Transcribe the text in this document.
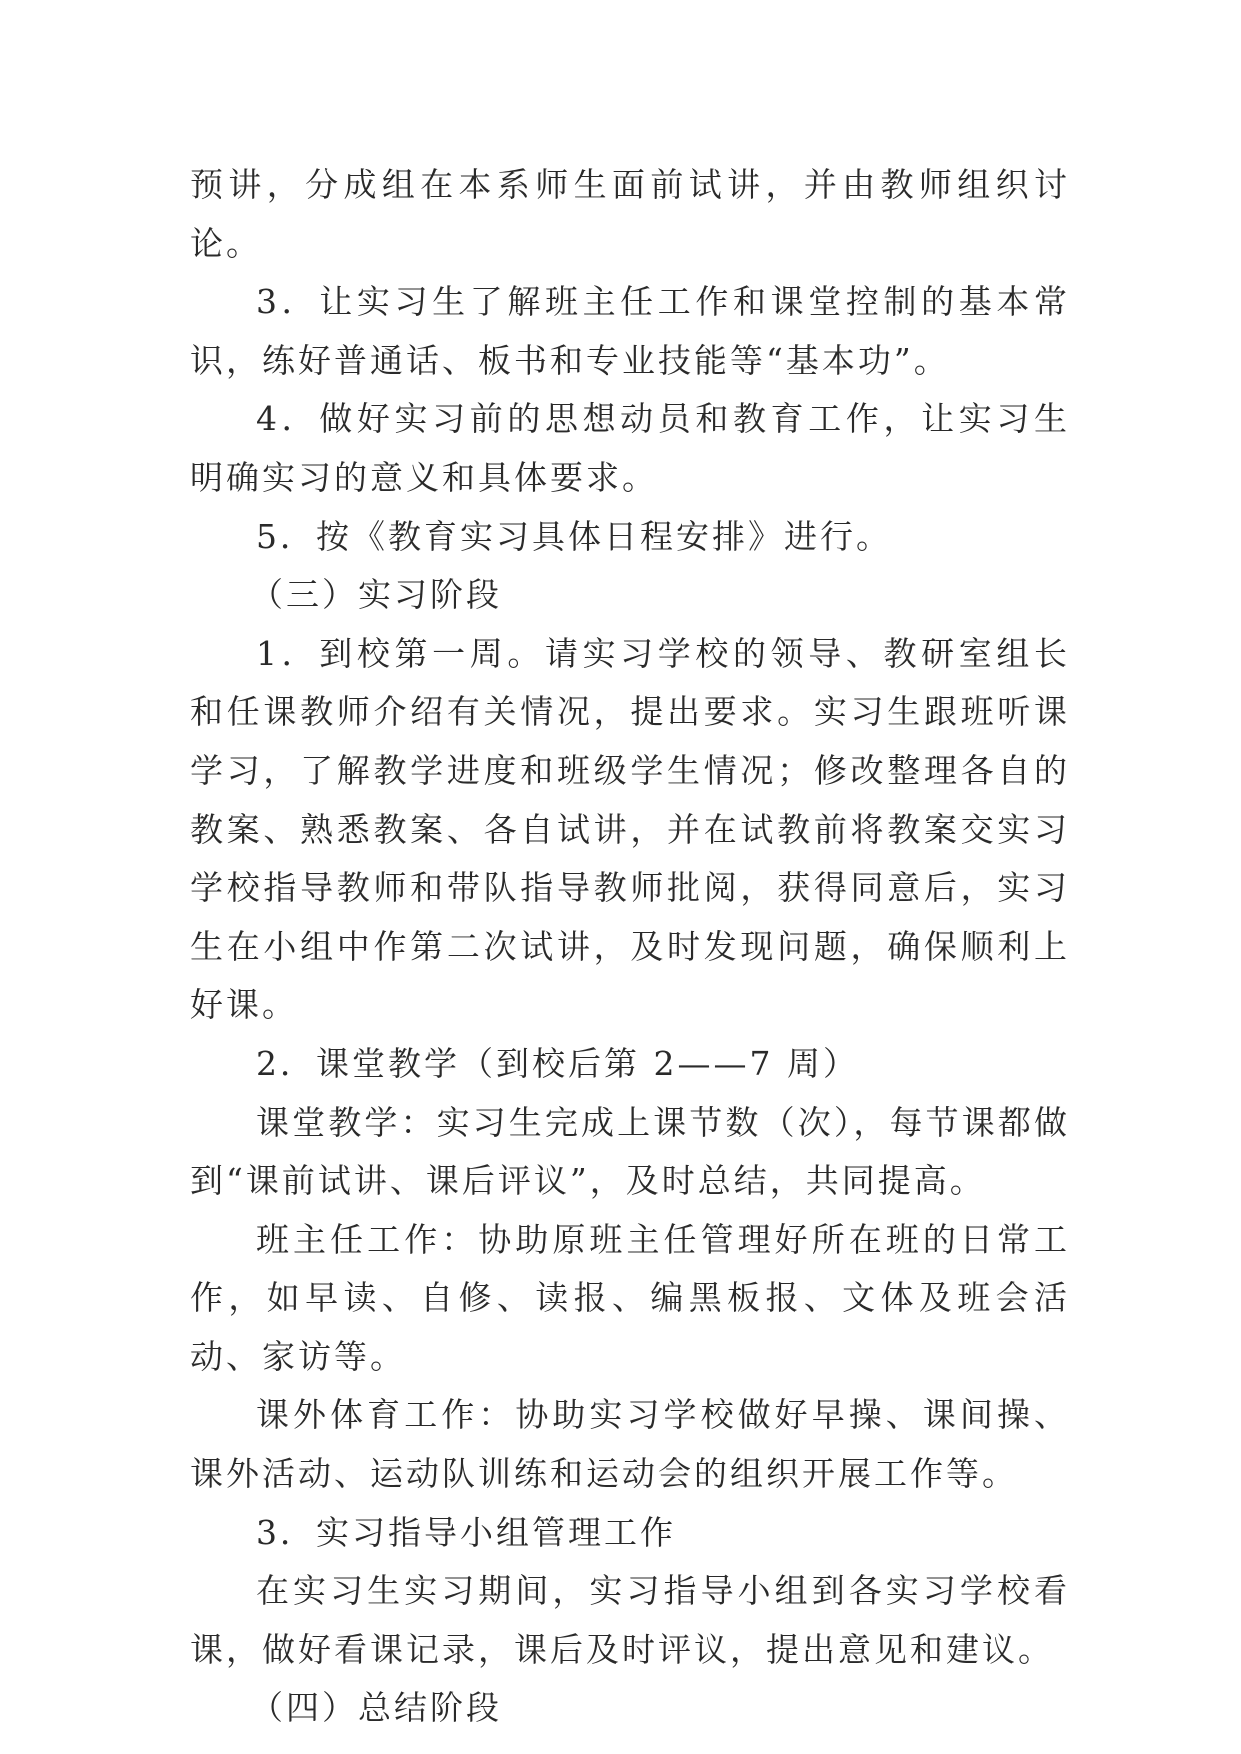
预讲，分成组在本系师生面前试讲，并由教师组织讨论。

3．让实习生了解班主任工作和课堂控制的基本常识，练好普通话、板书和专业技能等“基本功”。

4．做好实习前的思想动员和教育工作，让实习生明确实习的意义和具体要求。

5．按《教育实习具体日程安排》进行。

（三）实习阶段

1．到校第一周。请实习学校的领导、教研室组长和任课教师介绍有关情况，提出要求。实习生跟班听课学习，了解教学进度和班级学生情况；修改整理各自的教案、熟悉教案、各自试讲，并在试教前将教案交实习学校指导教师和带队指导教师批阅，获得同意后，实习生在小组中作第二次试讲，及时发现问题，确保顺利上好课。

2．课堂教学（到校后第 2——7 周）

课堂教学：实习生完成上课节数（次），每节课都做到“课前试讲、课后评议”，及时总结，共同提高。

班主任工作：协助原班主任管理好所在班的日常工作，如早读、自修、读报、编黑板报、文体及班会活动、家访等。

课外体育工作：协助实习学校做好早操、课间操、课外活动、运动队训练和运动会的组织开展工作等。

3．实习指导小组管理工作

在实习生实习期间，实习指导小组到各实习学校看课，做好看课记录，课后及时评议，提出意见和建议。

（四）总结阶段
